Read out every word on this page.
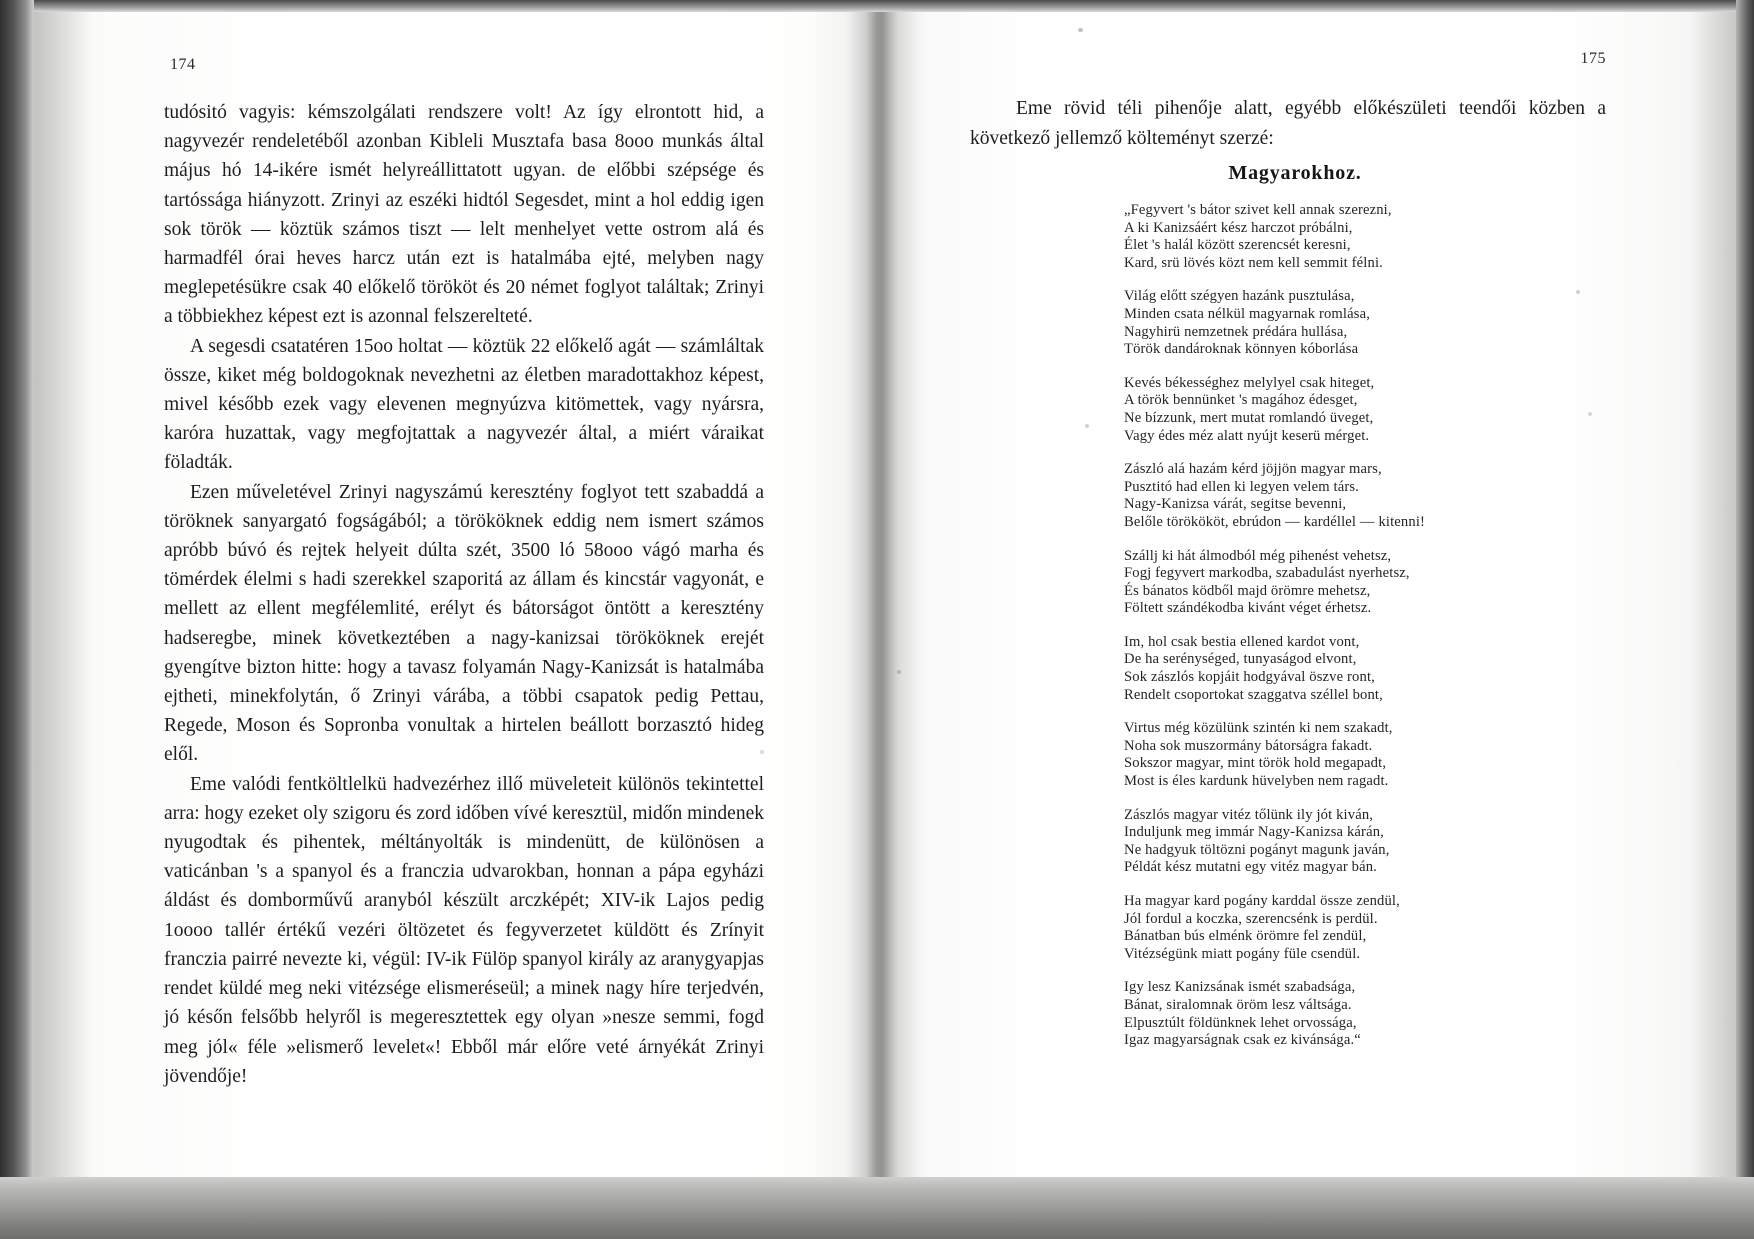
174

tudósitó vagyis: kémszolgálati rendszere volt! Az így elrontott hid, a nagyvezér rendeletéből azonban Kibleli Musztafa basa 8ooo munkás által május hó 14-ikére ismét helyreállittatott ugyan. de előbbi szépsége és tartóssága hiányzott. Zrinyi az eszéki hidtól Segesdet, mint a hol eddig igen sok török — köztük számos tiszt — lelt menhelyet vette ostrom alá és harmadfél órai heves harcz után ezt is hatalmába ejté, melyben nagy meglepetésükre csak 40 előkelő törököt és 20 német foglyot találtak; Zrinyi a többiekhez képest ezt is azonnal felszerelteté.

A segesdi csatatéren 15oo holtat — köztük 22 előkelő agát — számláltak össze, kiket még boldogoknak nevezhetni az életben maradottakhoz képest, mivel később ezek vagy elevenen megnyúzva kitömettek, vagy nyársra, karóra huzattak, vagy megfojtattak a nagyvezér által, a miért váraikat föladták.

Ezen műveletével Zrinyi nagyszámú keresztény foglyot tett szabaddá a töröknek sanyargató fogságából; a törököknek eddig nem ismert számos apróbb búvó és rejtek helyeit dúlta szét, 3500 ló 58ooo vágó marha és tömérdek élelmi s hadi szerekkel szaporitá az állam és kincstár vagyonát, e mellett az ellent megfélemlité, erélyt és bátorságot öntött a keresztény hadseregbe, minek következtében a nagy-kanizsai törököknek erejét gyengítve bizton hitte: hogy a tavasz folyamán Nagy-Kanizsát is hatalmába ejtheti, minekfolytán, ő Zrinyi várába, a többi csapatok pedig Pettau, Regede, Moson és Sopronba vonultak a hirtelen beállott borzasztó hideg elől.

Eme valódi fentköltlelkü hadvezérhez illő müveleteit különös tekintettel arra: hogy ezeket oly szigoru és zord időben vívé keresztül, midőn mindenek nyugodtak és pihentek, méltányolták is mindenütt, de különösen a vaticánban 's a spanyol és a franczia udvarokban, honnan a pápa egyházi áldást és domborművű aranyból készült arczképét; XIV-ik Lajos pedig 1oooo tallér értékű vezéri öltözetet és fegyverzetet küldött és Zrínyit franczia pairré nevezte ki, végül: IV-ik Fülöp spanyol király az aranygyapjas rendet küldé meg neki vitézsége elismeréseül; a minek nagy híre terjedvén, jó későn felsőbb helyről is megeresztettek egy olyan »nesze semmi, fogd meg jól« féle »elismerő levelet«! Ebből már előre veté árnyékát Zrinyi jövendője!

175

Eme rövid téli pihenője alatt, egyébb előkészületi teendői közben a következő jellemző költeményt szerzé:

Magyarokhoz.
„Fegyvert 's bátor szivet kell annak szerezni,
A ki Kanizsáért kész harczot próbálni,
Élet 's halál között szerencsét keresni,
Kard, srü lövés közt nem kell semmit félni.
Világ előtt szégyen hazánk pusztulása,
Minden csata nélkül magyarnak romlása,
Nagyhirü nemzetnek prédára hullása,
Török dandároknak könnyen kóborlása
Kevés békességhez melylyel csak hiteget,
A török bennünket 's magához édesget,
Ne bízzunk, mert mutat romlandó üveget,
Vagy édes méz alatt nyújt keserü mérget.
Zászló alá hazám kérd jöjjön magyar mars,
Pusztitó had ellen ki legyen velem társ.
Nagy-Kanizsa várát, segitse bevenni,
Belőle törökököt, ebrúdon — kardéllel — kitenni!
Szállj ki hát álmodból még pihenést vehetsz,
Fogj fegyvert markodba, szabadulást nyerhetsz,
És bánatos ködből majd örömre mehetsz,
Föltett szándékodba kivánt véget érhetsz.
Im, hol csak bestia ellened kardot vont,
De ha serénységed, tunyaságod elvont,
Sok zászlós kopjáit hodgyával öszve ront,
Rendelt csoportokat szaggatva széllel bont,
Virtus még közülünk szintén ki nem szakadt,
Noha sok muszormány bátorságra fakadt.
Sokszor magyar, mint török hold megapadt,
Most is éles kardunk hüvelyben nem ragadt.
Zászlós magyar vitéz tőlünk ily jót kiván,
Induljunk meg immár Nagy-Kanizsa kárán,
Ne hadgyuk töltözni pogányt magunk javán,
Példát kész mutatni egy vitéz magyar bán.
Ha magyar kard pogány karddal össze zendül,
Jól fordul a koczka, szerencsénk is perdül.
Bánatban bús elménk örömre fel zendül,
Vitézségünk miatt pogány füle csendül.
Igy lesz Kanizsának ismét szabadsága,
Bánat, siralomnak öröm lesz váltsága.
Elpusztúlt földünknek lehet orvossága,
Igaz magyarságnak csak ez kivánsága.“
